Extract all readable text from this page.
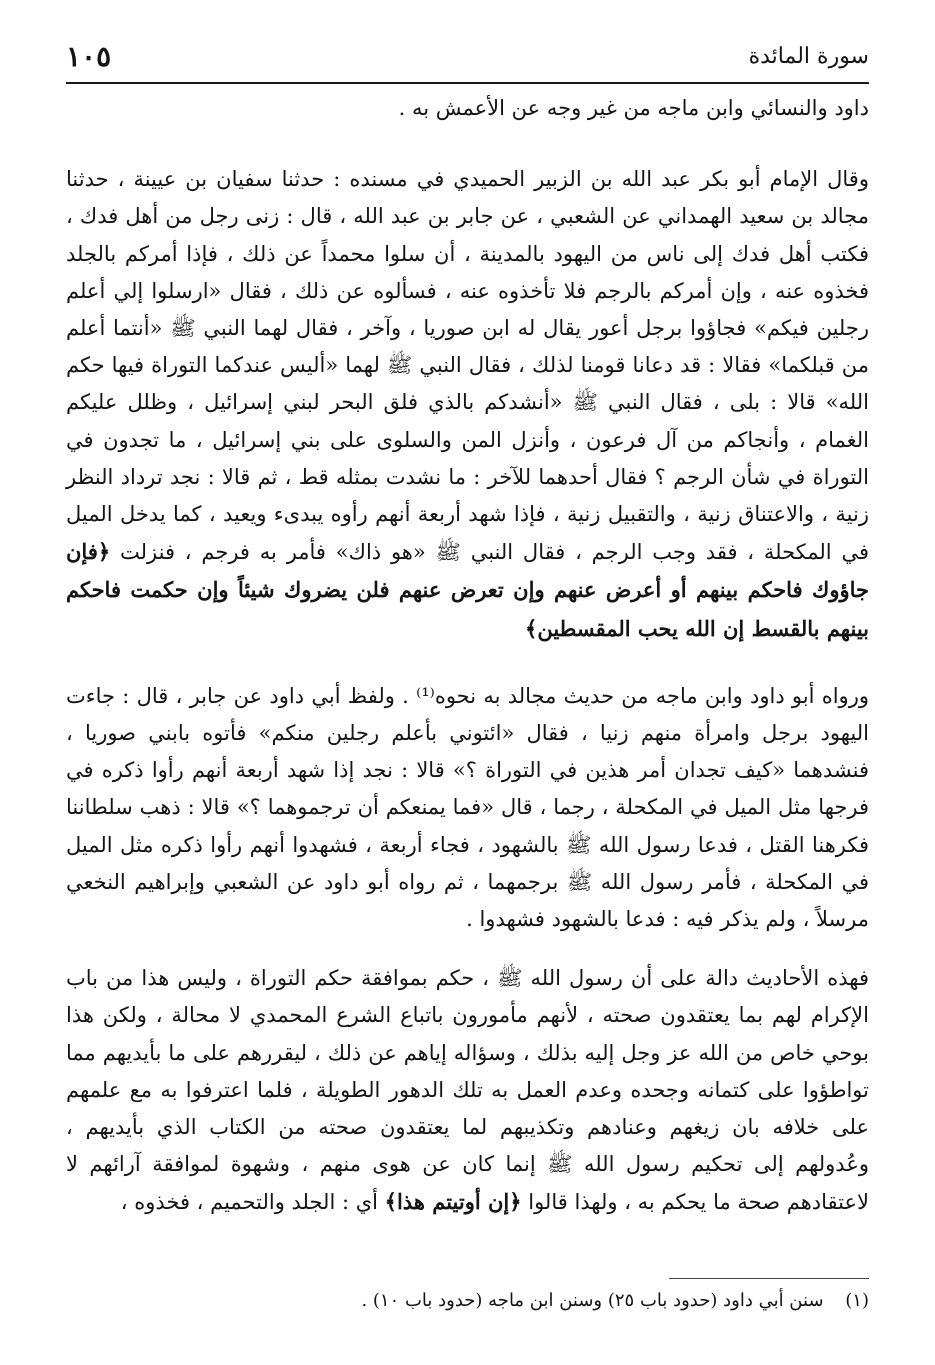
سورة المائدة
١٠٥

داود والنسائي وابن ماجه من غير وجه عن الأعمش به .

وقال الإمام أبو بكر عبد الله بن الزبير الحميدي في مسنده : حدثنا سفيان بن عيينة ، حدثنا مجالد بن سعيد الهمداني عن الشعبي ، عن جابر بن عبد الله ، قال : زنى رجل من أهل فدك ، فكتب أهل فدك إلى ناس من اليهود بالمدينة ، أن سلوا محمداً عن ذلك ، فإذا أمركم بالجلد فخذوه عنه ، وإن أمركم بالرجم فلا تأخذوه عنه ، فسألوه عن ذلك ، فقال «ارسلوا إلي أعلم رجلين فيكم» فجاؤوا برجل أعور يقال له ابن صوريا ، وآخر ، فقال لهما النبي ﷺ «أنتما أعلم من قبلكما» فقالا : قد دعانا قومنا لذلك ، فقال النبي ﷺ لهما «أليس عندكما التوراة فيها حكم الله» قالا : بلى ، فقال النبي ﷺ «أنشدكم بالذي فلق البحر لبني إسرائيل ، وظلل عليكم الغمام ، وأنجاكم من آل فرعون ، وأنزل المن والسلوى على بني إسرائيل ، ما تجدون في التوراة في شأن الرجم ؟ فقال أحدهما للآخر : ما نشدت بمثله قط ، ثم قالا : نجد ترداد النظر زنية ، والاعتناق زنية ، والتقبيل زنية ، فإذا شهد أربعة أنهم رأوه يبدىء ويعيد ، كما يدخل الميل في المكحلة ، فقد وجب الرجم ، فقال النبي ﷺ «هو ذاك» فأمر به فرجم ، فنزلت ﴿فإن جاؤوك فاحكم بينهم أو أعرض عنهم وإن تعرض عنهم فلن يضروك شيئاً وإن حكمت فاحكم بينهم بالقسط إن الله يحب المقسطين﴾

ورواه أبو داود وابن ماجه من حديث مجالد به نحوه⁽¹⁾ . ولفظ أبي داود عن جابر ، قال : جاءت اليهود برجل وامرأة منهم زنيا ، فقال «ائتوني بأعلم رجلين منكم» فأتوه بابني صوريا ، فنشدهما «كيف تجدان أمر هذين في التوراة ؟» قالا : نجد إذا شهد أربعة أنهم رأوا ذكره في فرجها مثل الميل في المكحلة ، رجما ، قال «فما يمنعكم أن ترجموهما ؟» قالا : ذهب سلطاننا فكرهنا القتل ، فدعا رسول الله ﷺ بالشهود ، فجاء أربعة ، فشهدوا أنهم رأوا ذكره مثل الميل في المكحلة ، فأمر رسول الله ﷺ برجمهما ، ثم رواه أبو داود عن الشعبي وإبراهيم النخعي مرسلاً ، ولم يذكر فيه : فدعا بالشهود فشهدوا .

فهذه الأحاديث دالة على أن رسول الله ﷺ ، حكم بموافقة حكم التوراة ، وليس هذا من باب الإكرام لهم بما يعتقدون صحته ، لأنهم مأمورون باتباع الشرع المحمدي لا محالة ، ولكن هذا بوحي خاص من الله عز وجل إليه بذلك ، وسؤاله إياهم عن ذلك ، ليقررهم على ما بأيديهم مما تواطؤوا على كتمانه وجحده وعدم العمل به تلك الدهور الطويلة ، فلما اعترفوا به مع علمهم على خلافه بان زيغهم وعنادهم وتكذيبهم لما يعتقدون صحته من الكتاب الذي بأيديهم ، وعُدولهم إلى تحكيم رسول الله ﷺ إنما كان عن هوى منهم ، وشهوة لموافقة آرائهم لا لاعتقادهم صحة ما يحكم به ، ولهذا قالوا ﴿إن أوتيتم هذا﴾ أي : الجلد والتحميم ، فخذوه ،

(١) سنن أبي داود (حدود باب ٢٥) وسنن ابن ماجه (حدود باب ١٠) .
